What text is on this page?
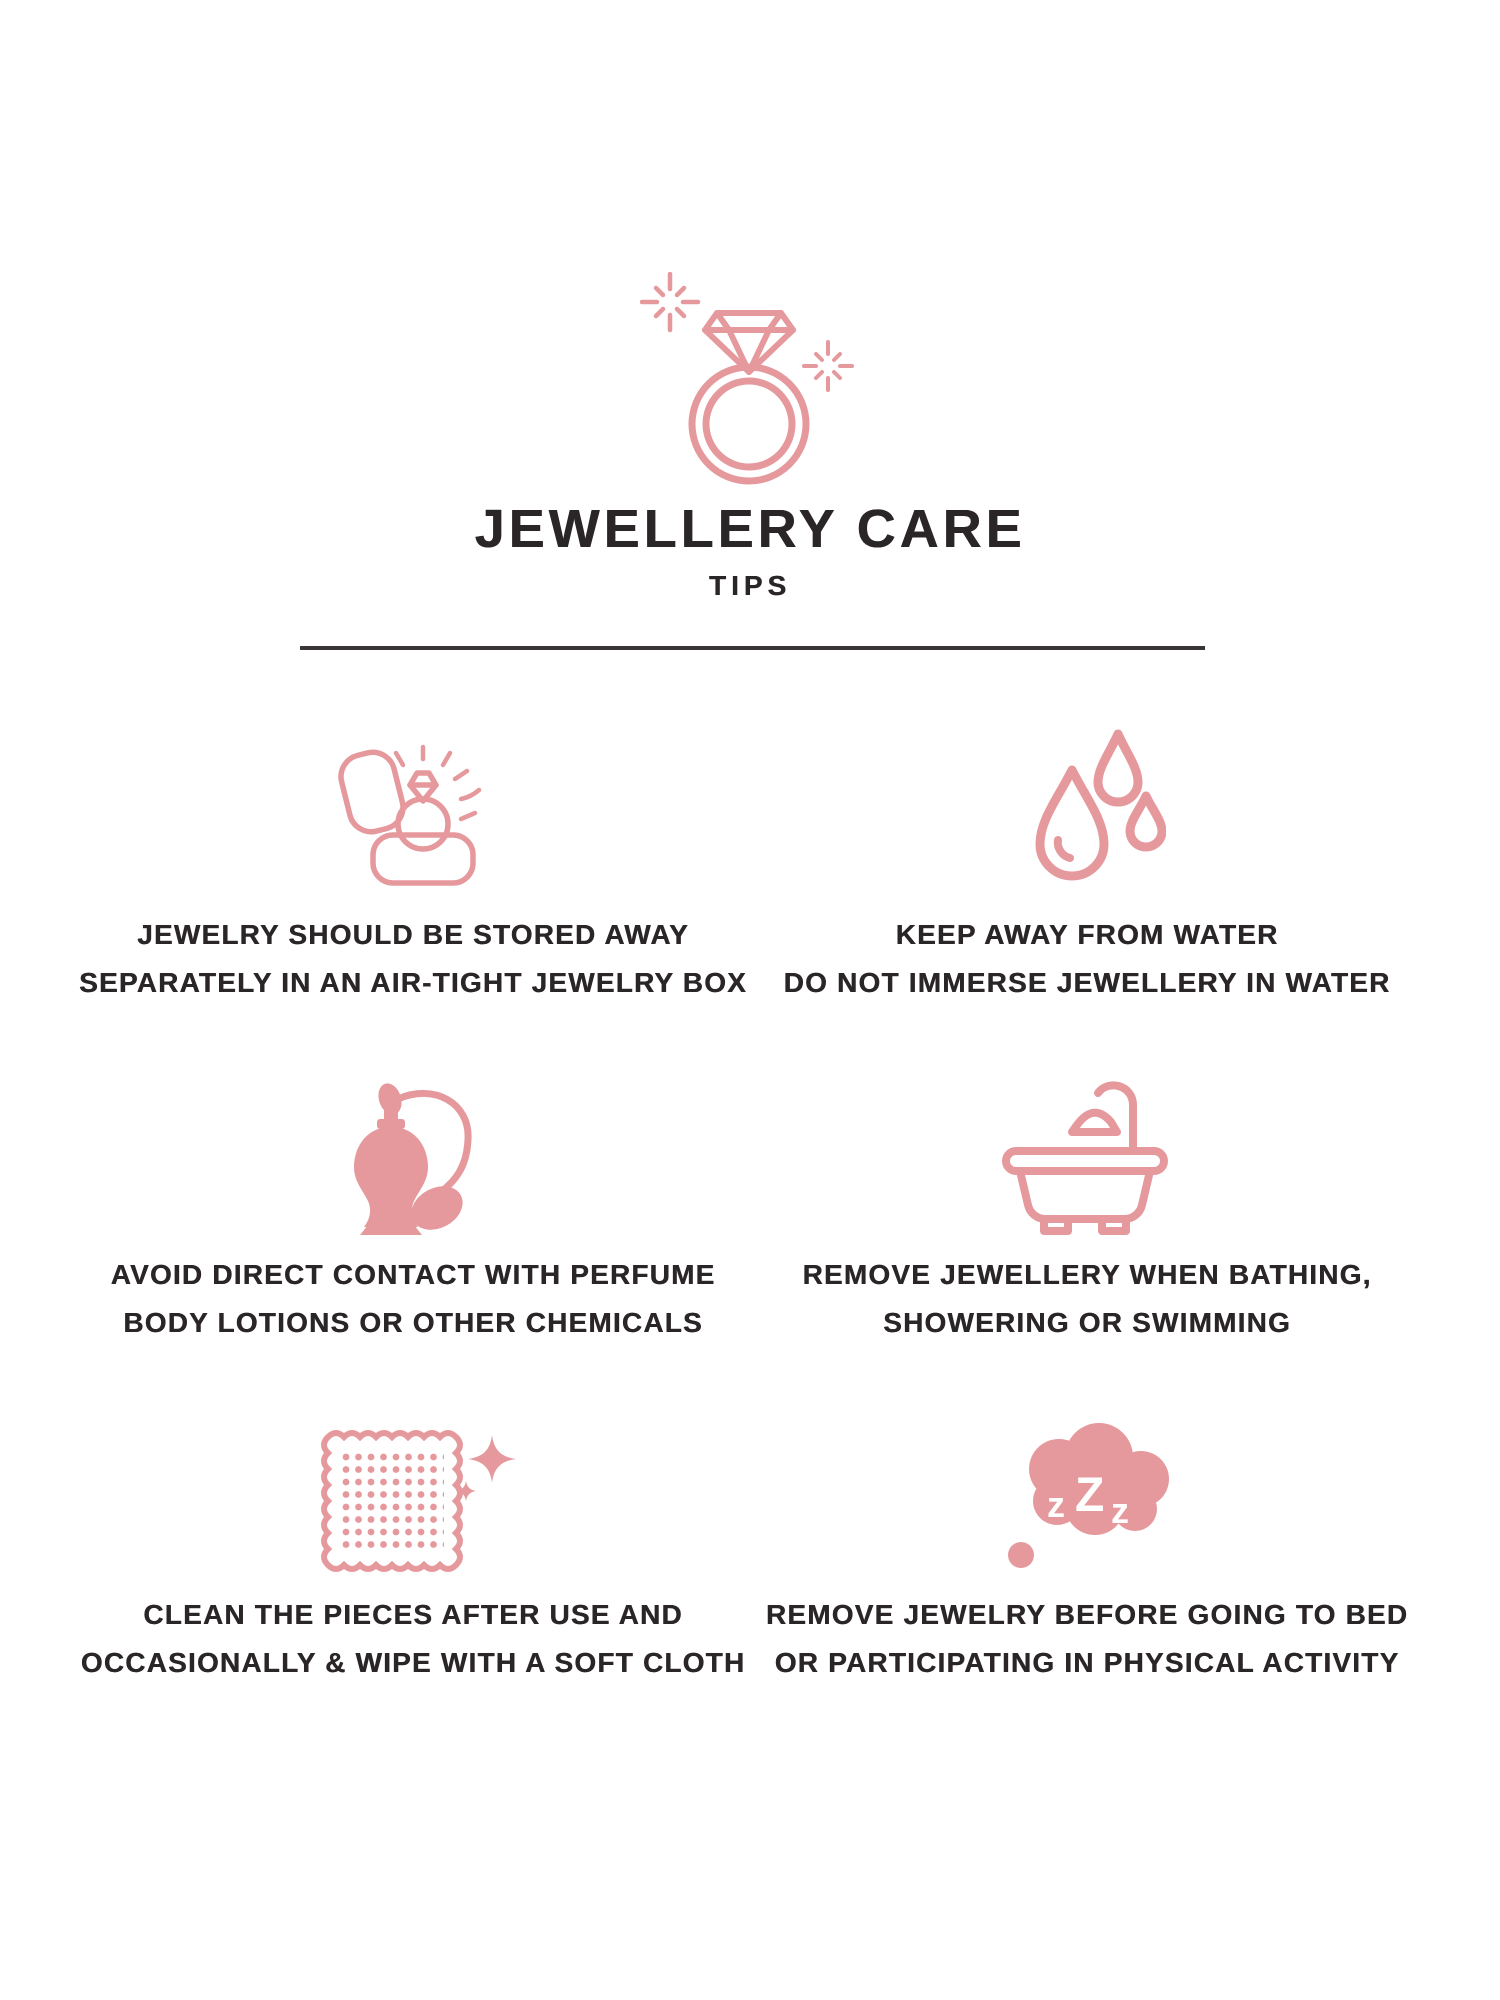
JEWELLERY CARE
TIPS

JEWELRY SHOULD BE STORED AWAY

SEPARATELY IN AN AIR-TIGHT JEWELRY BOX

KEEP AWAY FROM WATER

DO NOT IMMERSE JEWELLERY IN WATER

AVOID DIRECT CONTACT WITH PERFUME

BODY LOTIONS OR OTHER CHEMICALS

REMOVE JEWELLERY WHEN BATHING,

SHOWERING OR SWIMMING

CLEAN THE PIECES AFTER USE AND

OCCASIONALLY & WIPE WITH A SOFT CLOTH

z Z z

REMOVE JEWELRY BEFORE GOING TO BED

OR PARTICIPATING IN PHYSICAL ACTIVITY
